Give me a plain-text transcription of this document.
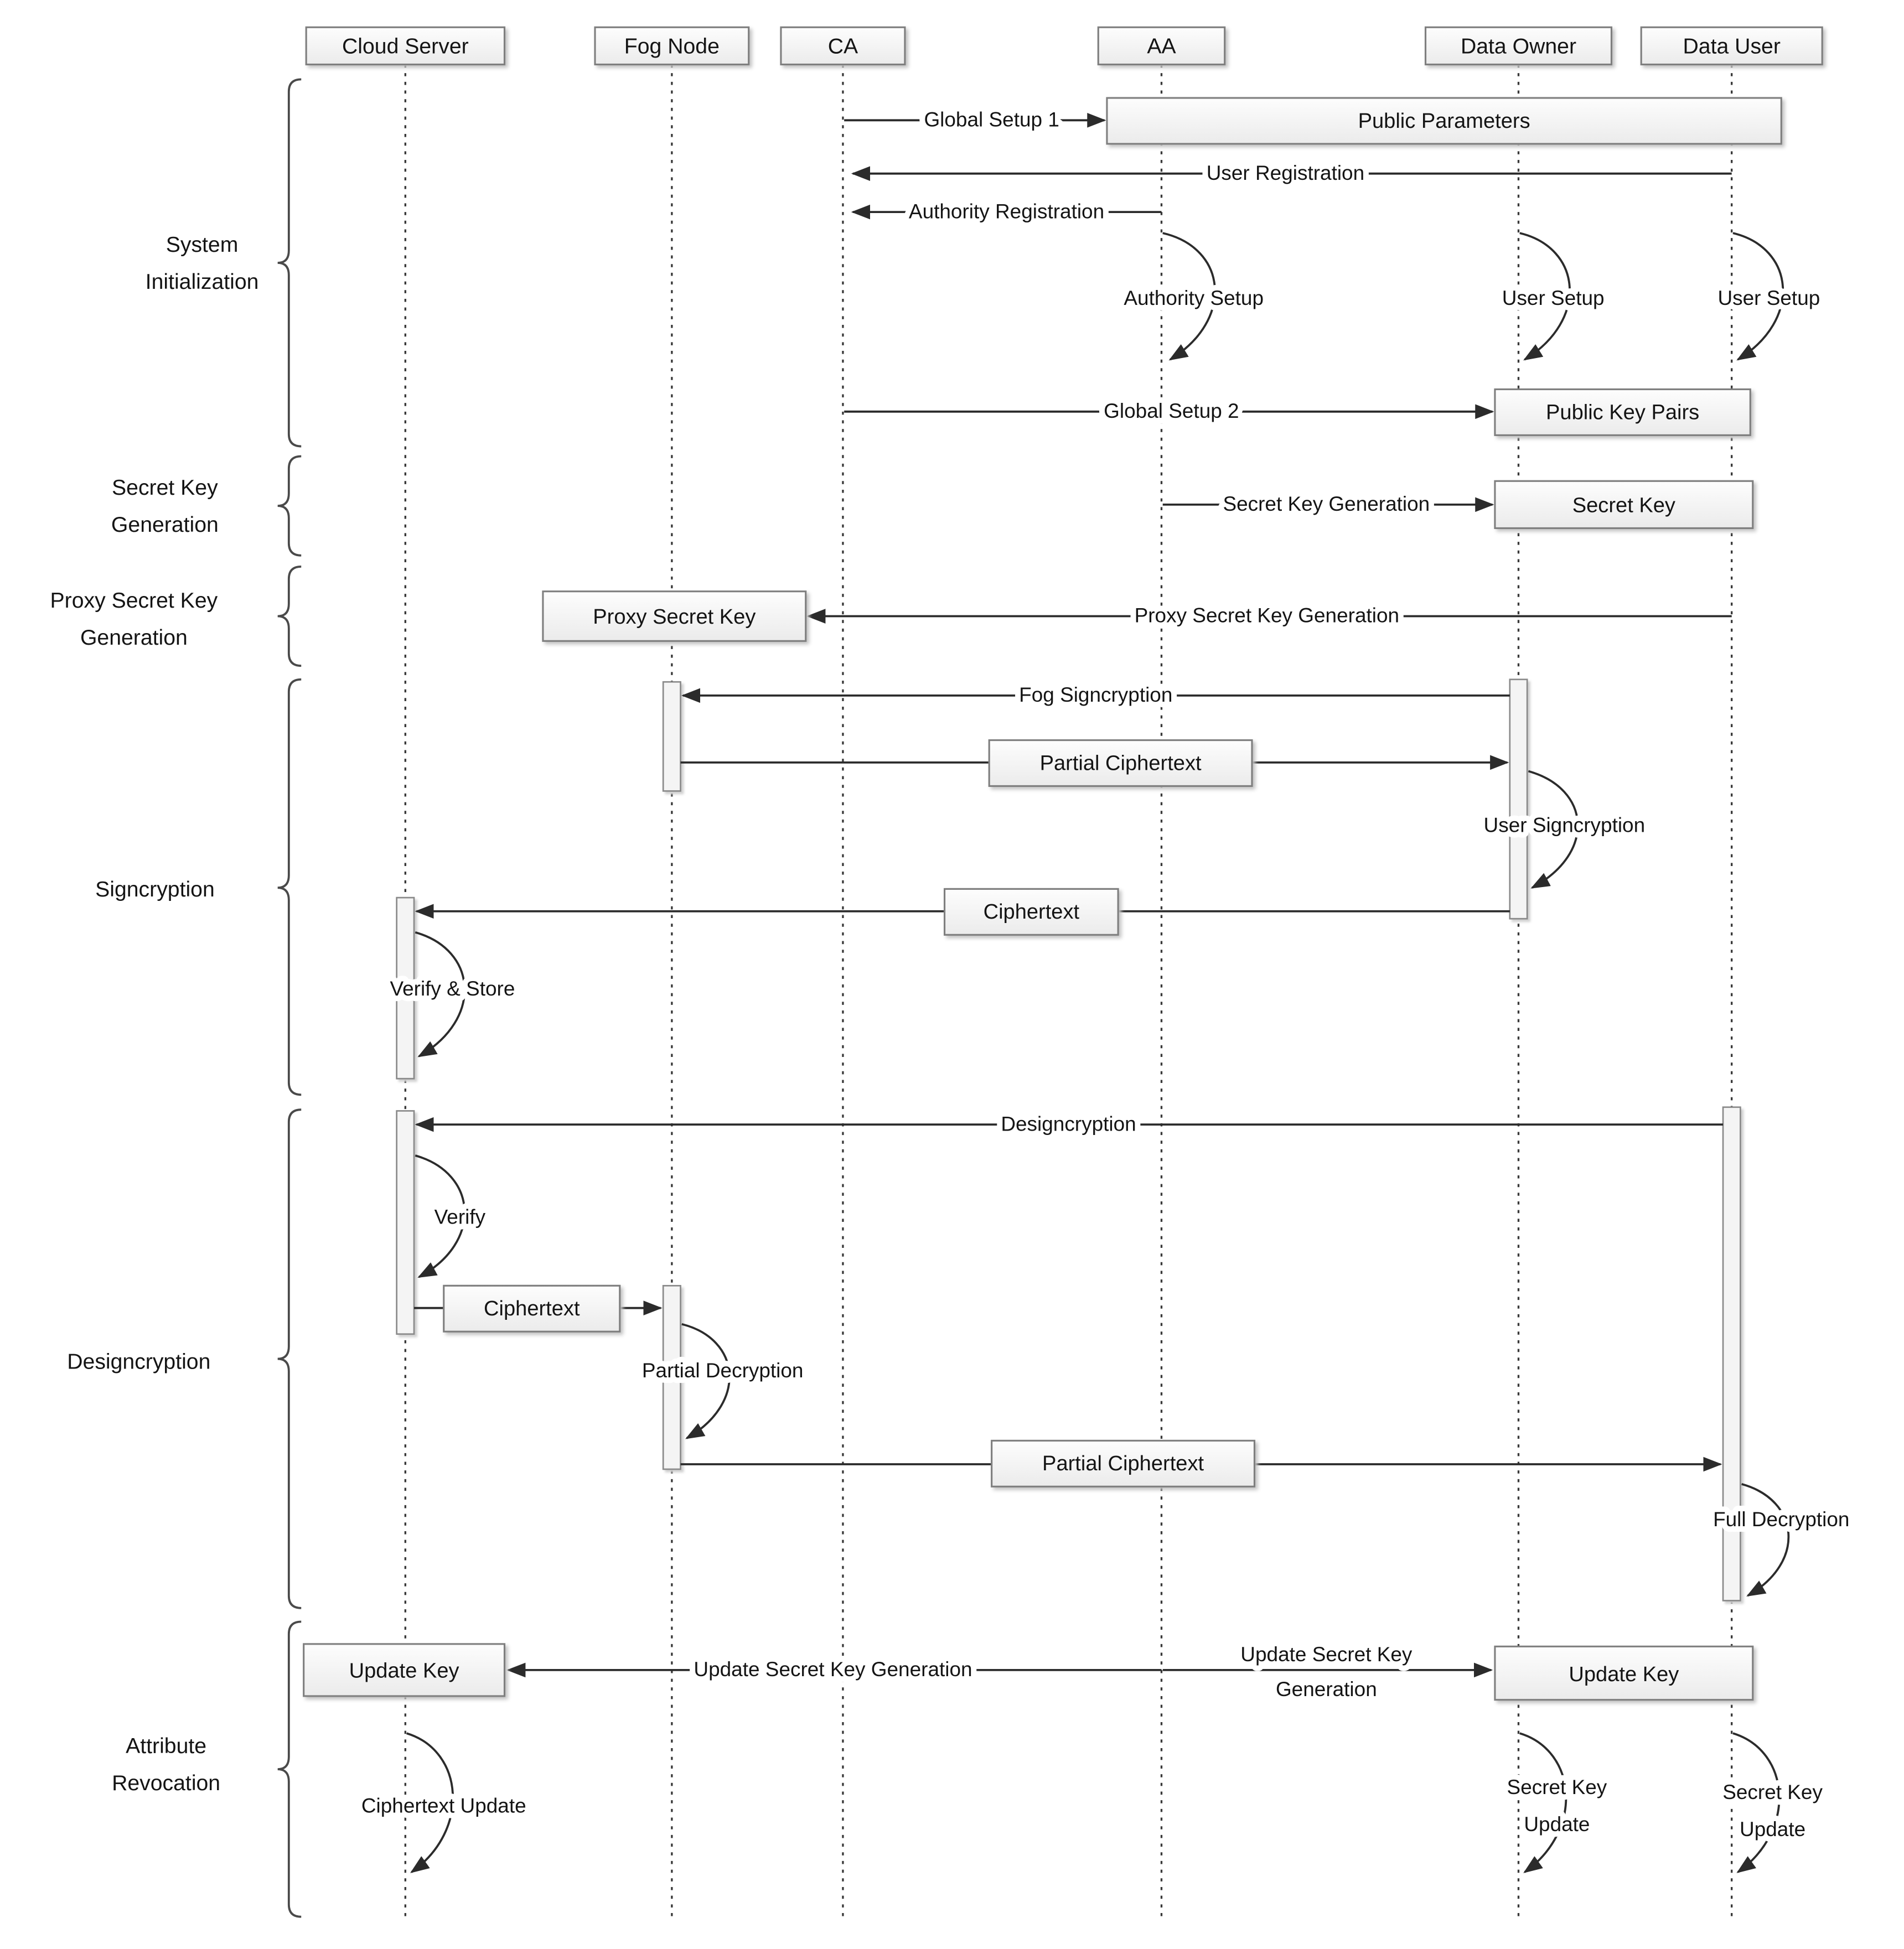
System
Initialization
Secret Key
Generation
Proxy Secret Key
Generation
Signcryption
Designcryption
Attribute
Revocation
Cloud Server	Fog Node	CA	AA	Data Owner	Data User
Public Parameters
Public Key Pairs
Secret Key
Proxy Secret Key
Partial Ciphertext
Ciphertext
Ciphertext
Partial Ciphertext
Update Key	Update Key
Global Setup 1
User Registration
Authority Registration
Authority Setup	User Setup	User Setup
Global Setup 2
Secret Key Generation
Proxy Secret Key Generation
Fog Signcryption
User Signcryption
Verify & Store
Designcryption
Verify
Partial Decryption
Full Decryption
Update Secret Key Generation
Update Secret Key
Generation
Secret Key
Update
Secret Key
Update
Ciphertext Update
